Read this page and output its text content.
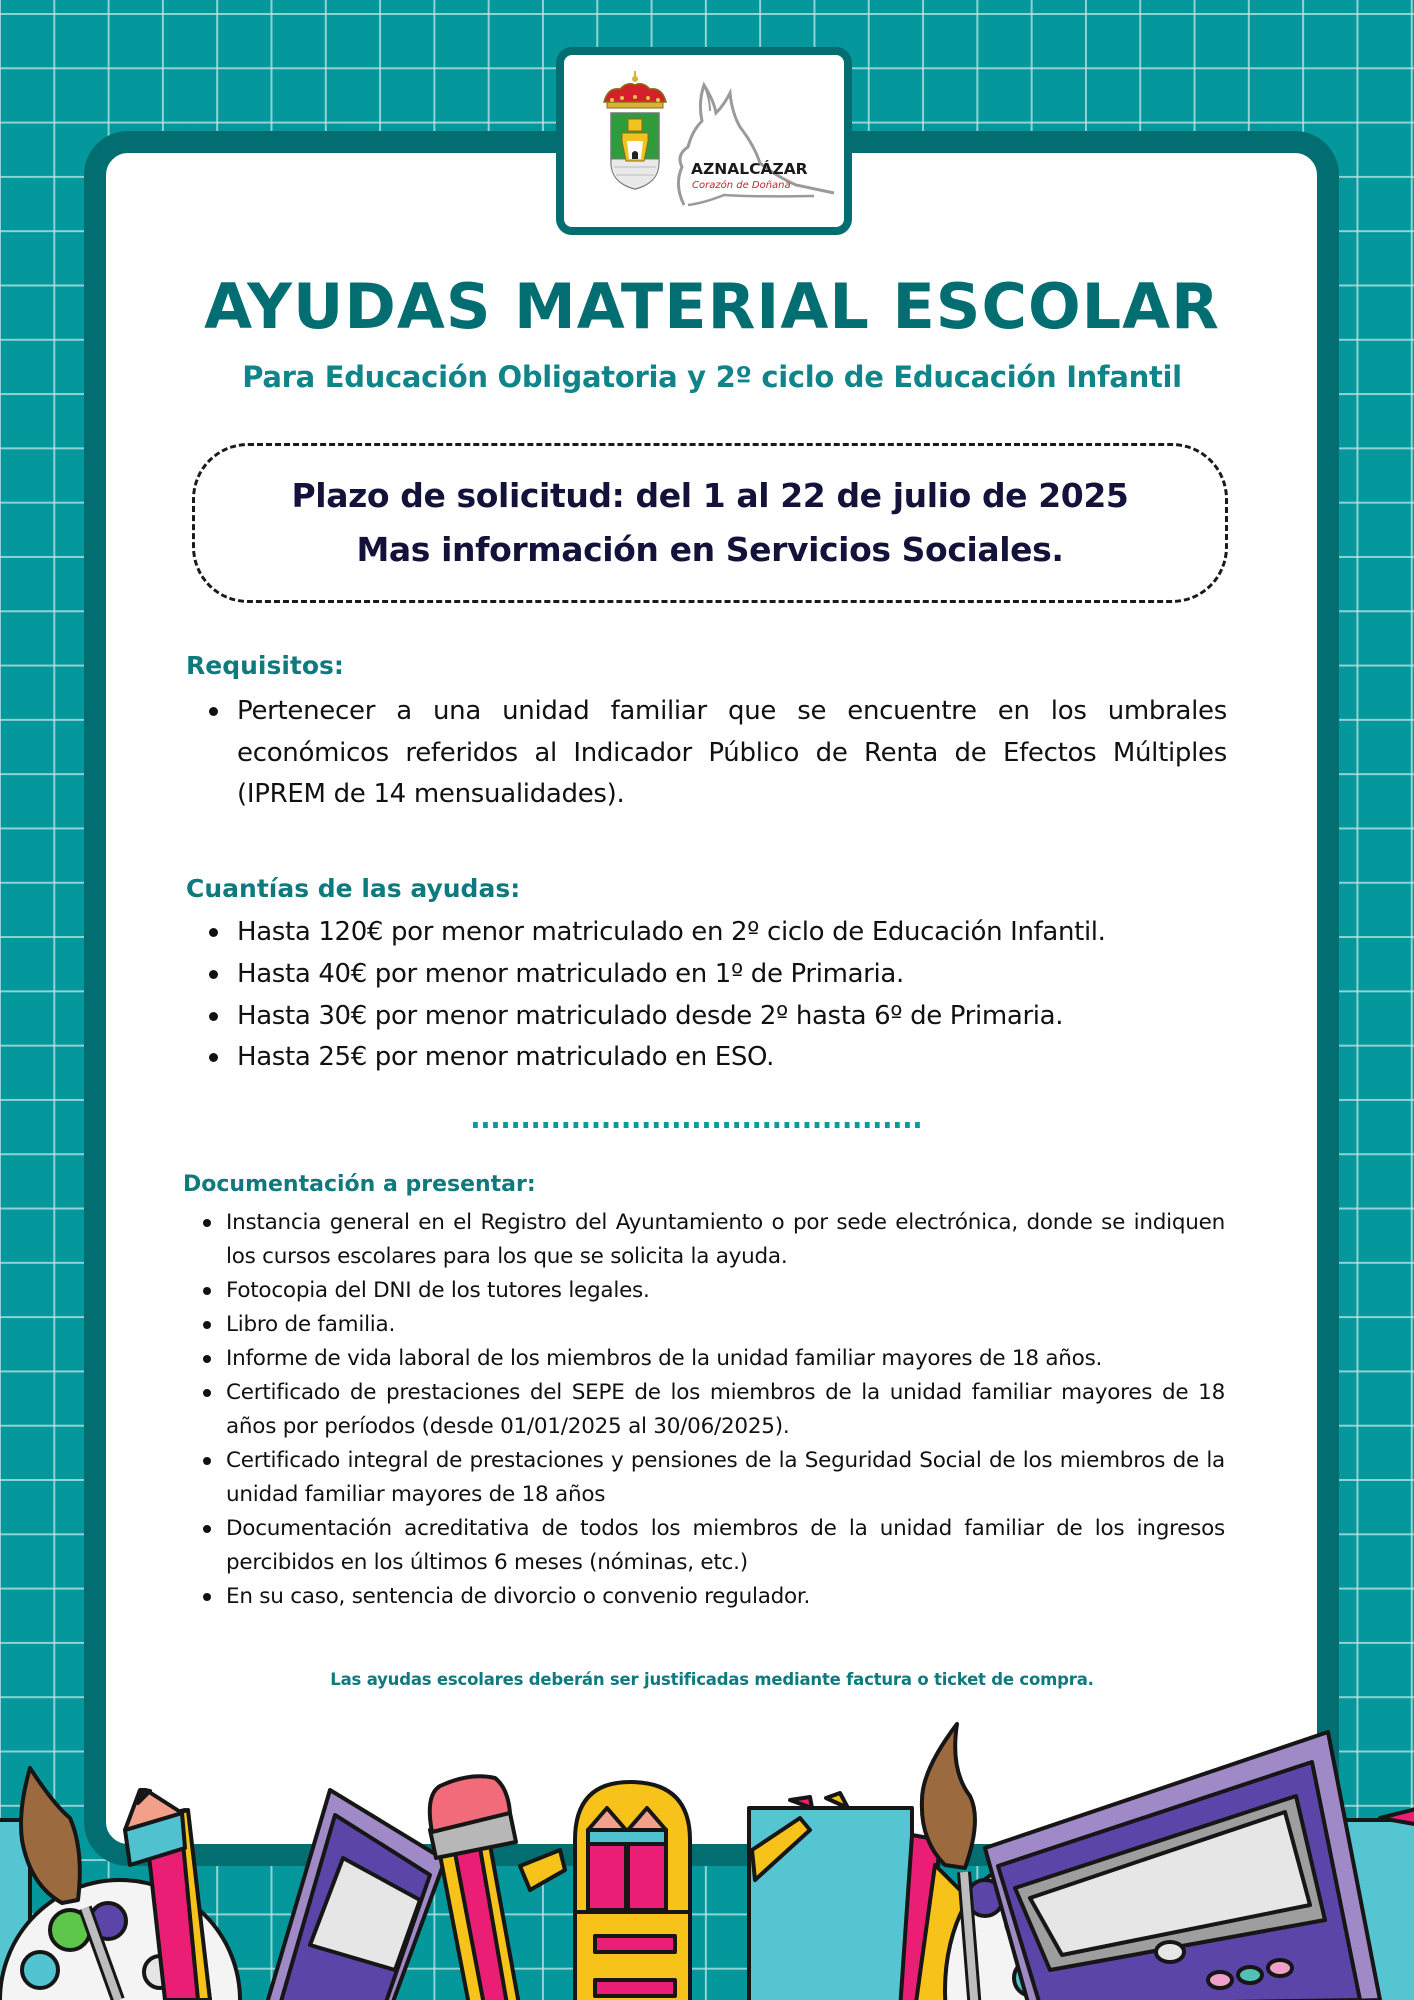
AZNALCÁZAR
Corazón de Doñana
AYUDAS MATERIAL ESCOLAR
Para Educación Obligatoria y 2º ciclo de Educación Infantil
Plazo de solicitud: del 1 al 22 de julio de 2025
Mas información en Servicios Sociales.
Requisitos:
Pertenecer a una unidad familiar que se encuentre en los umbrales económicos referidos al Indicador Público de Renta de Efectos Múltiples (IPREM de 14 mensualidades).
Cuantías de las ayudas:
Hasta 120€ por menor matriculado en 2º ciclo de Educación Infantil.
Hasta 40€ por menor matriculado en 1º de Primaria.
Hasta 30€ por menor matriculado desde 2º hasta 6º de Primaria.
Hasta 25€ por menor matriculado en ESO.
Documentación a presentar:
Instancia general en el Registro del Ayuntamiento o por sede electrónica, donde se indiquen los cursos escolares para los que se solicita la ayuda.
Fotocopia del DNI de los tutores legales.
Libro de familia.
Informe de vida laboral de los miembros de la unidad familiar mayores de 18 años.
Certificado de prestaciones del SEPE de los miembros de la unidad familiar mayores de 18 años por períodos (desde 01/01/2025 al 30/06/2025).
Certificado integral de prestaciones y pensiones de la Seguridad Social de los miembros de la unidad familiar mayores de 18 años
Documentación acreditativa de todos los miembros de la unidad familiar de los ingresos percibidos en los últimos 6 meses (nóminas, etc.)
En su caso, sentencia de divorcio o convenio regulador.

Las ayudas escolares deberán ser justificadas mediante factura o ticket de compra.
